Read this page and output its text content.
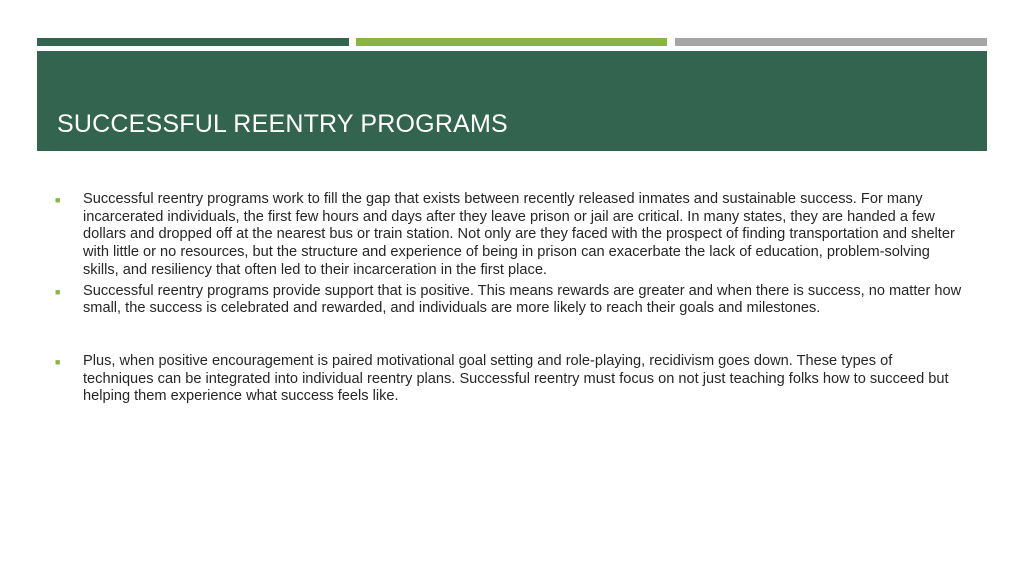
SUCCESSFUL REENTRY PROGRAMS
■ Successful reentry programs work to fill the gap that exists between recently released inmates and sustainable success. For many incarcerated individuals, the first few hours and days after they leave prison or jail are critical. In many states, they are handed a few dollars and dropped off at the nearest bus or train station. Not only are they faced with the prospect of finding transportation and shelter with little or no resources, but the structure and experience of being in prison can exacerbate the lack of education, problem-solving skills, and resiliency that often led to their incarceration in the first place.
■ Successful reentry programs provide support that is positive. This means rewards are greater and when there is success, no matter how small, the success is celebrated and rewarded, and individuals are more likely to reach their goals and milestones.
■ Plus, when positive encouragement is paired motivational goal setting and role-playing, recidivism goes down. These types of techniques can be integrated into individual reentry plans. Successful reentry must focus on not just teaching folks how to succeed but helping them experience what success feels like.
